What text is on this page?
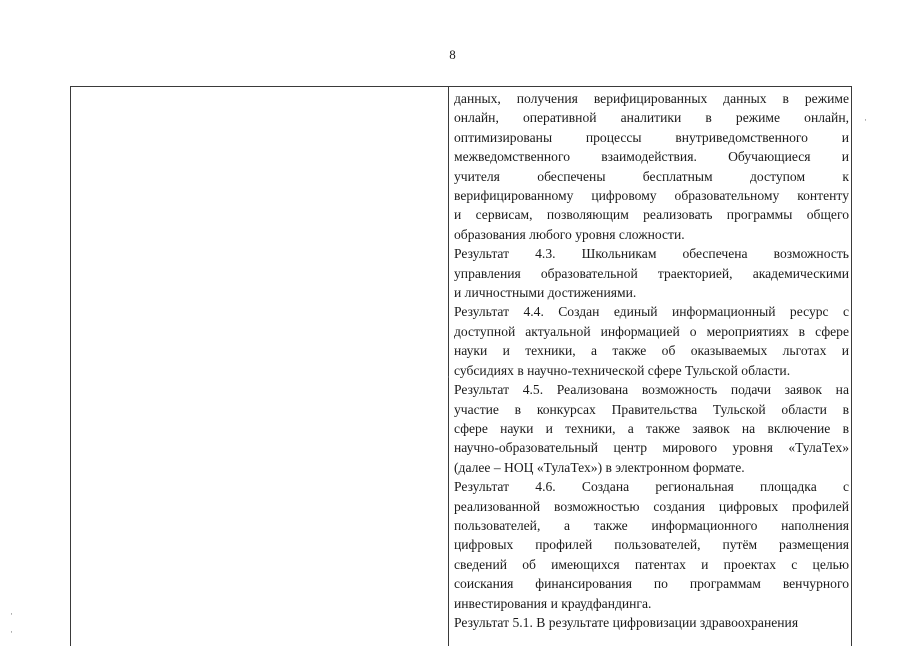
8
данных, получения верифицированных данных в режиме
онлайн, оперативной аналитики в режиме онлайн,
оптимизированы процессы внутриведомственного и
межведомственного взаимодействия. Обучающиеся и
учителя обеспечены бесплатным доступом к
верифицированному цифровому образовательному контенту
и сервисам, позволяющим реализовать программы общего
образования любого уровня сложности.
Результат 4.3. Школьникам обеспечена возможность
управления образовательной траекторией, академическими
и личностными достижениями.
Результат 4.4. Создан единый информационный ресурс с
доступной актуальной информацией о мероприятиях в сфере
науки и техники, а также об оказываемых льготах и
субсидиях в научно-технической сфере Тульской области.
Результат 4.5. Реализована возможность подачи заявок на
участие в конкурсах Правительства Тульской области в
сфере науки и техники, а также заявок на включение в
научно-образовательный центр мирового уровня «ТулаТех»
(далее – НОЦ «ТулаТех») в электронном формате.
Результат 4.6. Создана региональная площадка с
реализованной возможностью создания цифровых профилей
пользователей, а также информационного наполнения
цифровых профилей пользователей, путём размещения
сведений об имеющихся патентах и проектах с целью
соискания финансирования по программам венчурного
инвестирования и краудфандинга.
Результат 5.1. В результате цифровизации здравоохранения
·
·
·
·
